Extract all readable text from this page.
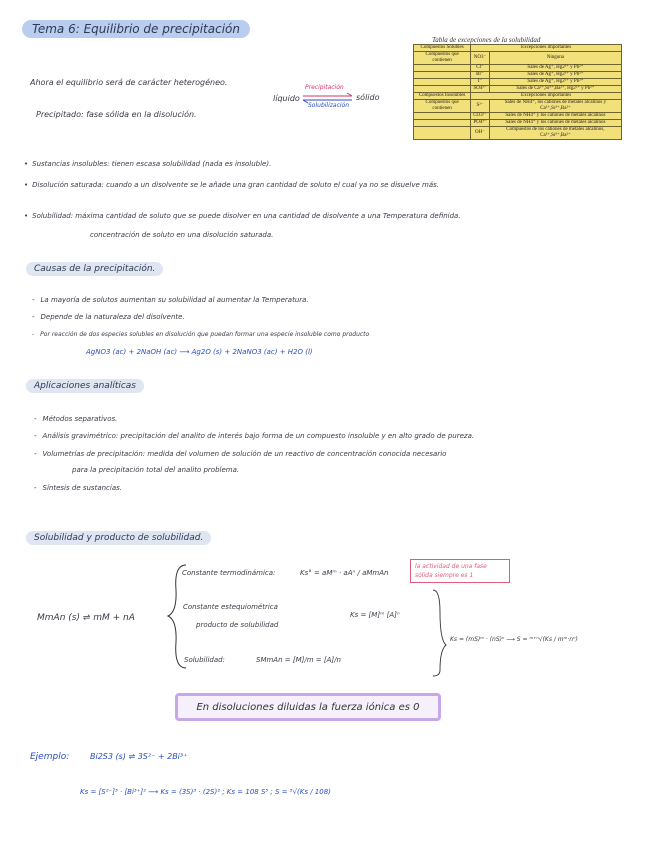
Tema 6: Equilibrio de precipitación
Ahora el equilibrio será de carácter heterogéneo.
Precipitado: fase sólida en la disolución.
líquido
Precipitación
Solubilización
sólido
Tabla de excepciones de la solubilidad
Compuestos Solubles	Excepciones importantes	
Compuestos que contienen	NO3⁻	Ninguna
	Cl⁻	Sales de Ag⁺, Hg2²⁺ y Pb²⁺
	Br⁻	Sales de Ag⁺, Hg2²⁺ y Pb²⁺
	I⁻	Sales de Ag⁺, Hg2²⁺ y Pb²⁺
	SO4²⁻	Sales de Ca²⁺,Sr²⁺,Ba²⁺, Hg2²⁺ y Pb²⁺
Compuestos Insolubles	Excepciones importantes	
Compuestos que contienen	S²⁻	Sales de NH4⁺, los cationes de metales alcalinos y Ca²⁺,Sr²⁺,Ba²⁺
	CO3²⁻	Sales de NH4⁺ y los cationes de metales alcalinos
	PO4³⁻	Sales de NH4⁺ y los cationes de metales alcalinos
	OH⁻	Compuestos de los cationes de metales alcalinos, Ca²⁺,Sr²⁺,Ba²⁺
• Sustancias insolubles: tienen escasa solubilidad (nada es insoluble).
• Disolución saturada: cuando a un disolvente se le añade una gran cantidad de soluto el cual ya no se disuelve más.
• Solubilidad: máxima cantidad de soluto que se puede disolver en una cantidad de disolvente a una Temperatura definida.
concentración de soluto en una disolución saturada.
Causas de la precipitación.
- La mayoría de solutos aumentan su solubilidad al aumentar la Temperatura.
- Depende de la naturaleza del disolvente.
- Por reacción de dos especies solubles en disolución que puedan formar una especie insoluble como producto
AgNO3 (ac) + 2NaOH (ac) ⟶ Ag2O (s) + 2NaNO3 (ac) + H2O (l)
Aplicaciones analíticas
- Métodos separativos.
- Análisis gravimétrico: precipitación del analito de interés bajo forma de un compuesto insoluble y en alto grado de pureza.
- Volumetrías de precipitación: medida del volumen de solución de un reactivo de concentración conocida necesario
para la precipitación total del analito problema.
- Síntesis de sustancias.
Solubilidad y producto de solubilidad.
MmAn (s) ⇌ mM + nA
Constante termodinámica:	Ks° = aMᵐ · aAⁿ / aMmAn
la actividad de una fase sólida siempre es 1
Constante estequiométrica
producto de solubilidad
Ks = [M]ᵐ [A]ⁿ
Solubilidad:	SMmAn = [M]/m = [A]/n
Ks = (mS)ᵐ · (nS)ⁿ ⟶ S = ᵐ⁺ⁿ√(Ks / mᵐ·nⁿ)
En disoluciones diluidas la fuerza iónica es 0
Ejemplo:	Bi2S3 (s) ⇌ 3S²⁻ + 2Bi³⁺
Ks = [S²⁻]³ · [Bi³⁺]² ⟶ Ks = (3S)³ · (2S)² ; Ks = 108 S⁵ ; S = ⁵√(Ks / 108)
